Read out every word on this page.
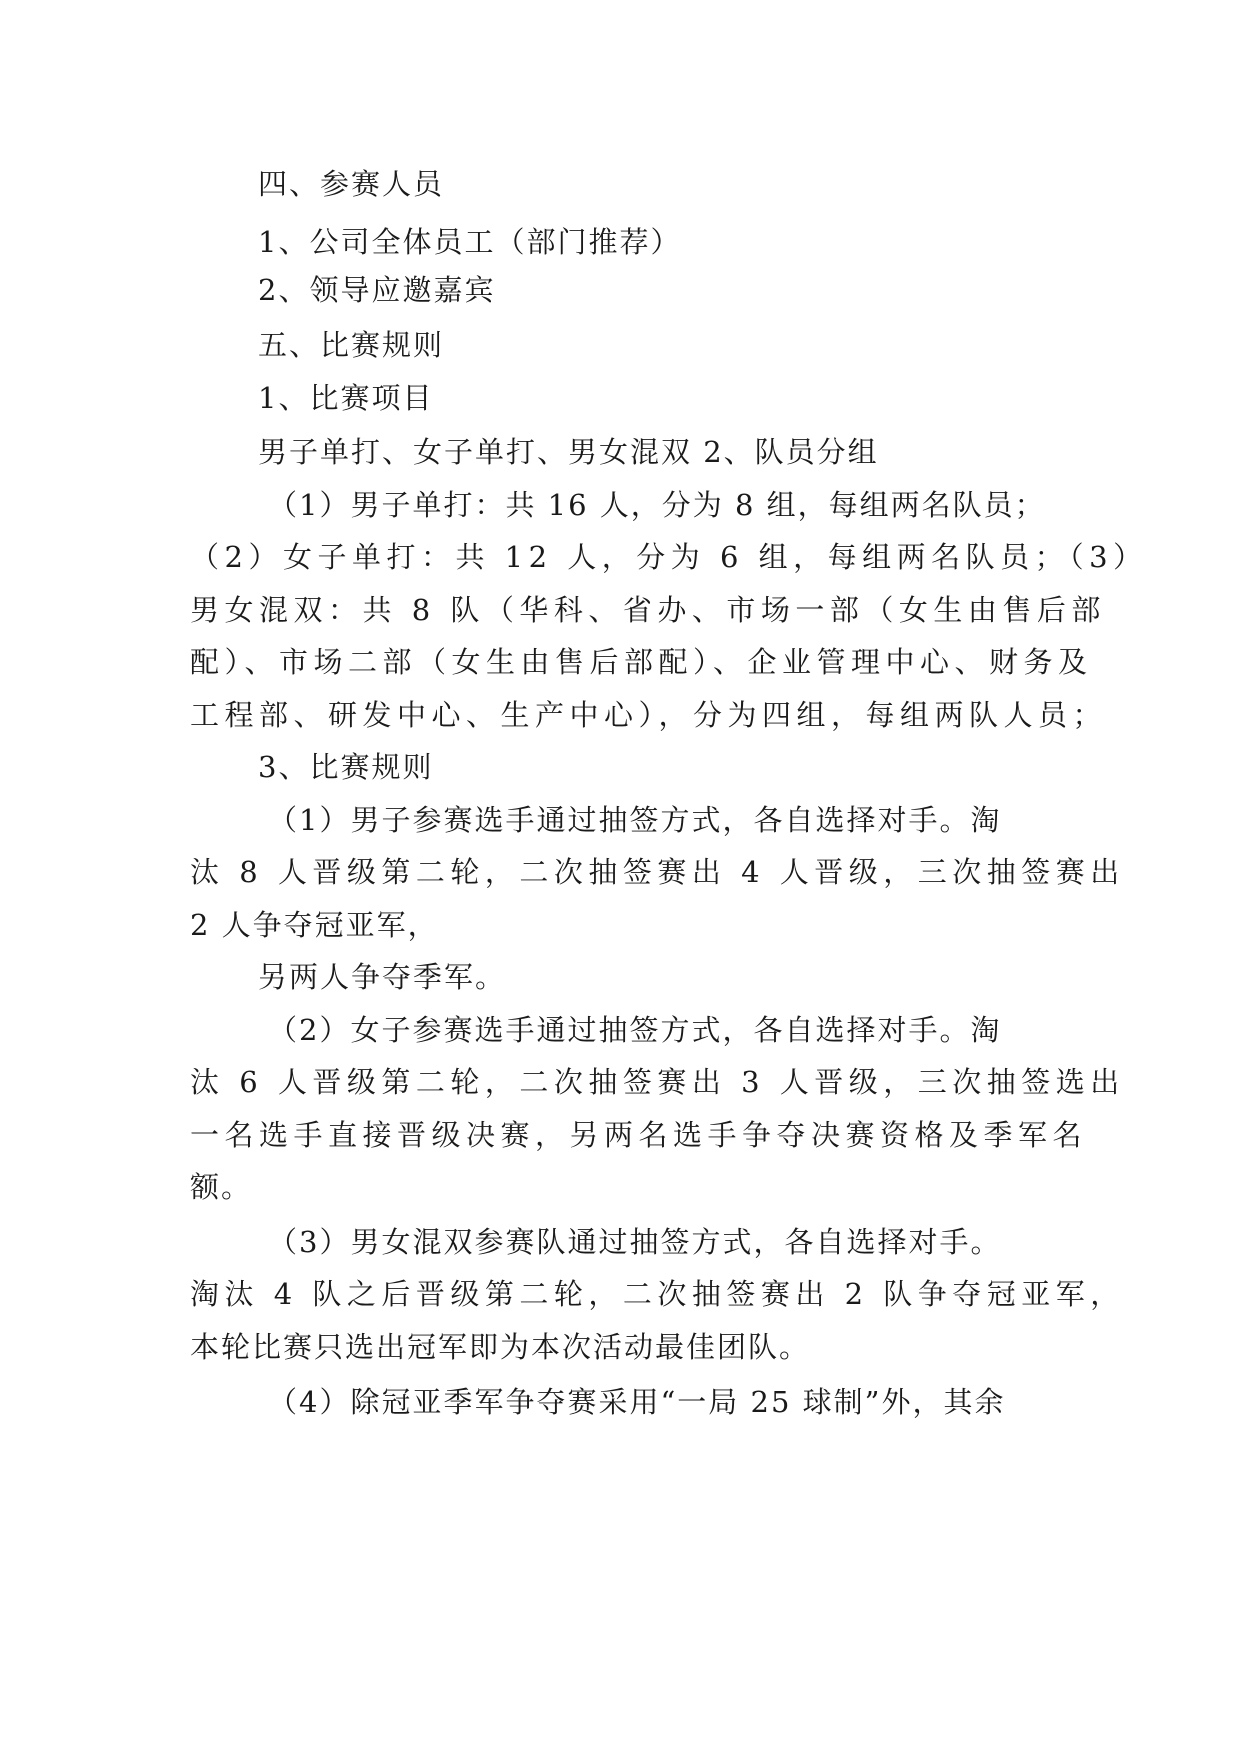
四、参赛人员
1、公司全体员工（部门推荐）
2、领导应邀嘉宾
五、比赛规则
1、比赛项目
男子单打、女子单打、男女混双 2、队员分组
（1）男子单打：共 16 人，分为 8 组，每组两名队员；
（2）女子单打：共 12 人，分为 6 组，每组两名队员；（3）
男女混双：共 8 队（华科、省办、市场一部（女生由售后部
配）、市场二部（女生由售后部配）、企业管理中心、财务及
工程部、研发中心、生产中心），分为四组，每组两队人员；
3、比赛规则
（1）男子参赛选手通过抽签方式，各自选择对手。淘
汰 8 人晋级第二轮，二次抽签赛出 4 人晋级，三次抽签赛出
2 人争夺冠亚军，
另两人争夺季军。
（2）女子参赛选手通过抽签方式，各自选择对手。淘
汰 6 人晋级第二轮，二次抽签赛出 3 人晋级，三次抽签选出
一名选手直接晋级决赛，另两名选手争夺决赛资格及季军名
额。
（3）男女混双参赛队通过抽签方式，各自选择对手。
淘汰 4 队之后晋级第二轮，二次抽签赛出 2 队争夺冠亚军，
本轮比赛只选出冠军即为本次活动最佳团队。
（4）除冠亚季军争夺赛采用“一局 25 球制”外，其余
